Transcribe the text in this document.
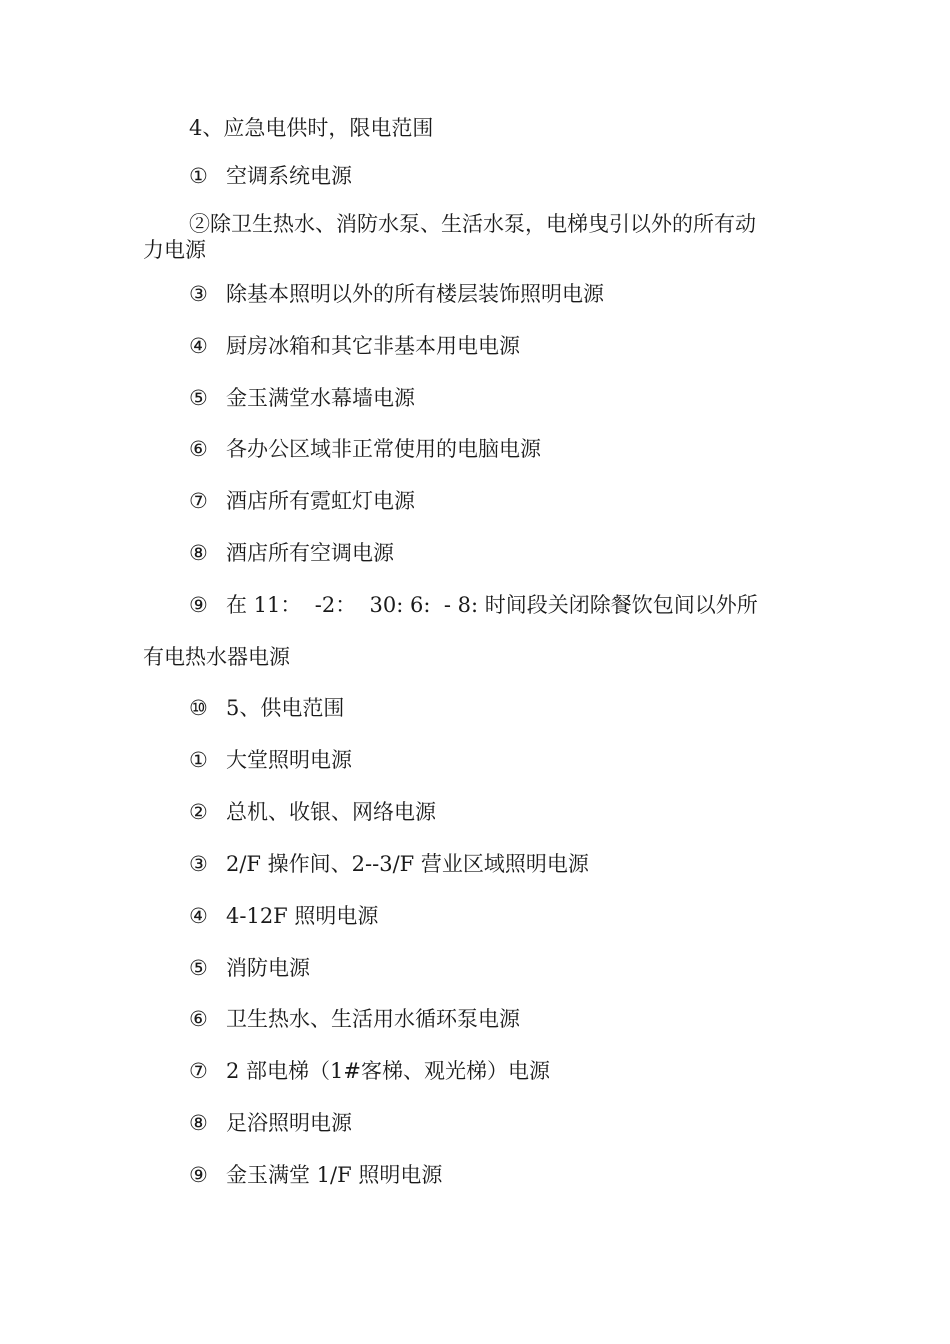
4、应急电供时，限电范围
① 空调系统电源
②除卫生热水、消防水泵、生活水泵，电梯曳引以外的所有动
力电源
③ 除基本照明以外的所有楼层装饰照明电源
④ 厨房冰箱和其它非基本用电电源
⑤ 金玉满堂水幕墙电源
⑥ 各办公区域非正常使用的电脑电源
⑦ 酒店所有霓虹灯电源
⑧ 酒店所有空调电源
⑨ 在 11：  -2：  30: 6:  - 8: 时间段关闭除餐饮包间以外所
有电热水器电源
⑩ 5、供电范围
① 大堂照明电源
② 总机、收银、网络电源
③ 2/F 操作间、2--3/F 营业区域照明电源
④ 4-12F 照明电源
⑤ 消防电源
⑥ 卫生热水、生活用水循环泵电源
⑦ 2 部电梯（1#客梯、观光梯）电源
⑧ 足浴照明电源
⑨ 金玉满堂 1/F 照明电源
